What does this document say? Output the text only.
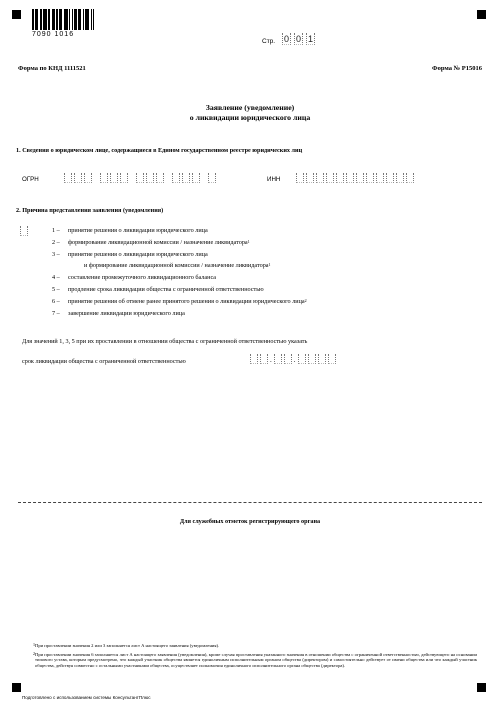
7090 1016
Стр. 0 0 1
Форма по КНД 1111521	Форма № Р15016
Заявление (уведомление)
о ликвидации юридического лица
1. Сведения о юридическом лице, содержащиеся в Едином государственном реестре юридических лиц
ОГРН	ИНН
2. Причина представления заявления (уведомления)
1 – принятие решения о ликвидации юридического лица
2 – формирование ликвидационной комиссии / назначение ликвидатора$^1$
3 – принятие решения о ликвидации юридического лица
и формирование ликвидационной комиссии / назначение ликвидатора$^1$
4 – составление промежуточного ликвидационного баланса
5 – продление срока ликвидации общества с ограниченной ответственностью
6 – принятие решения об отмене ранее принятого решения о ликвидации юридического лица$^2$
7 – завершение ликвидации юридического лица
Для значений 1, 3, 5 при их проставлении в отношении общества с ограниченной ответственностью указать
срок ликвидации общества с ограниченной ответственностью	.	.
Для служебных отметок регистрирующего органа
$^1$ При проставлении значения 2 или 3 заполняется лист А настоящего заявления (уведомления).
$^2$ При проставлении значения 6 заполняется лист А настоящего заявления (уведомления), кроме случая проставления указанного значения в отношении общества с ограниченной ответственностью, действующего на основании типового устава, которым предусмотрено, что каждый участник общества является единоличным исполнительным органом общества (директором) и самостоятельно действует от имени общества или что каждый участник общества, действуя совместно с остальными участниками общества, осуществляет полномочия единоличного исполнительного органа общества (директора).
Подготовлено с использованием системы КонсультантПлюс
